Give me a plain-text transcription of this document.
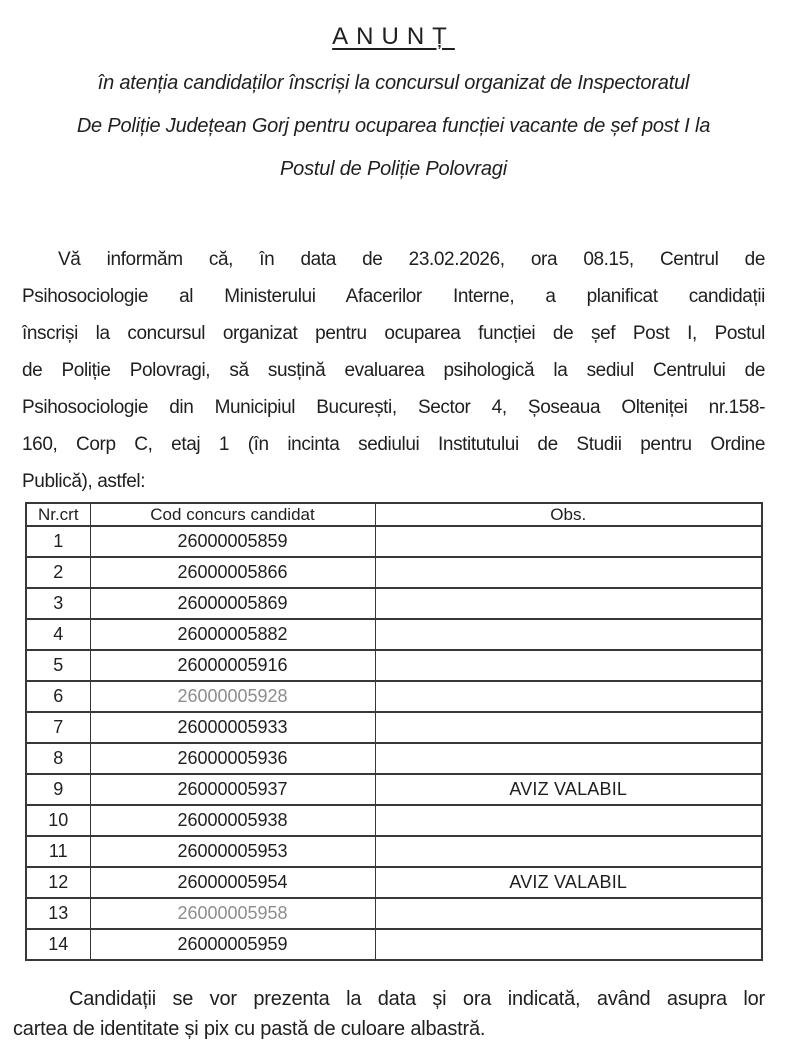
ANUNȚ
în atenția candidaților înscriși la concursul organizat de Inspectoratul
De Poliție Județean Gorj pentru ocuparea funcției vacante de șef post I la
Postul de Poliție Polovragi
Vă informăm că, în data de 23.02.2026, ora 08.15, Centrul de
Psihosociologie al Ministerului Afacerilor Interne, a planificat candidații
înscriși la concursul organizat pentru ocuparea funcției de șef Post I, Postul
de Poliție Polovragi, să susțină evaluarea psihologică la sediul Centrului de
Psihosociologie din Municipiul București, Sector 4, Șoseaua Olteniței nr.158-
160, Corp C, etaj 1 (în incinta sediului Institutului de Studii pentru Ordine
Publică), astfel:
Nr.crt	Cod concurs candidat	Obs.
1	26000005859	
2	26000005866	
3	26000005869	
4	26000005882	
5	26000005916	
6	26000005928	
7	26000005933	
8	26000005936	
9	26000005937	AVIZ VALABIL
10	26000005938	
11	26000005953	
12	26000005954	AVIZ VALABIL
13	26000005958	
14	26000005959	
Candidații se vor prezenta la data și ora indicată, având asupra lor
cartea de identitate și pix cu pastă de culoare albastră.
